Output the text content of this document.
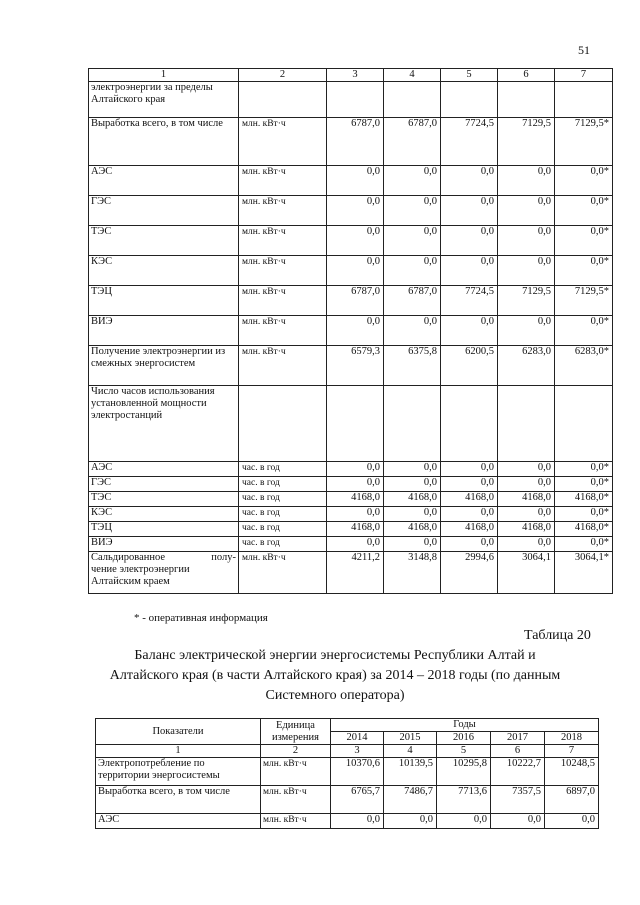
51
1	2	3	4	5	6	7
электроэнергии за пределы Алтайского края						
Выработка всего, в том числе	млн. кВт·ч	6787,0	6787,0	7724,5	7129,5	7129,5*
АЭС	млн. кВт·ч	0,0	0,0	0,0	0,0	0,0*
ГЭС	млн. кВт·ч	0,0	0,0	0,0	0,0	0,0*
ТЭС	млн. кВт·ч	0,0	0,0	0,0	0,0	0,0*
КЭС	млн. кВт·ч	0,0	0,0	0,0	0,0	0,0*
ТЭЦ	млн. кВт·ч	6787,0	6787,0	7724,5	7129,5	7129,5*
ВИЭ	млн. кВт·ч	0,0	0,0	0,0	0,0	0,0*
Получение электроэнергии из смежных энергосистем	млн. кВт·ч	6579,3	6375,8	6200,5	6283,0	6283,0*
Число часов использования установленной мощности электростанций						
АЭС	час. в год	0,0	0,0	0,0	0,0	0,0*
ГЭС	час. в год	0,0	0,0	0,0	0,0	0,0*
ТЭС	час. в год	4168,0	4168,0	4168,0	4168,0	4168,0*
КЭС	час. в год	0,0	0,0	0,0	0,0	0,0*
ТЭЦ	час. в год	4168,0	4168,0	4168,0	4168,0	4168,0*
ВИЭ	час. в год	0,0	0,0	0,0	0,0	0,0*

Сальдированное полу-
чение электроэнергии Алтайским краем	млн. кВт·ч	4211,2	3148,8	2994,6	3064,1	3064,1*
* - оперативная информация
Таблица 20
Баланс электрической энергии энергосистемы Республики Алтай и Алтайского края (в части Алтайского края) за 2014 – 2018 годы (по данным Системного оператора)
Показатели	Единица измерения	Годы				
		2014	2015	2016	2017	2018
1	2	3	4	5	6	7
Электропотребление по территории энергосистемы	млн. кВт·ч	10370,6	10139,5	10295,8	10222,7	10248,5
Выработка всего, в том числе	млн. кВт·ч	6765,7	7486,7	7713,6	7357,5	6897,0
АЭС	млн. кВт·ч	0,0	0,0	0,0	0,0	0,0
